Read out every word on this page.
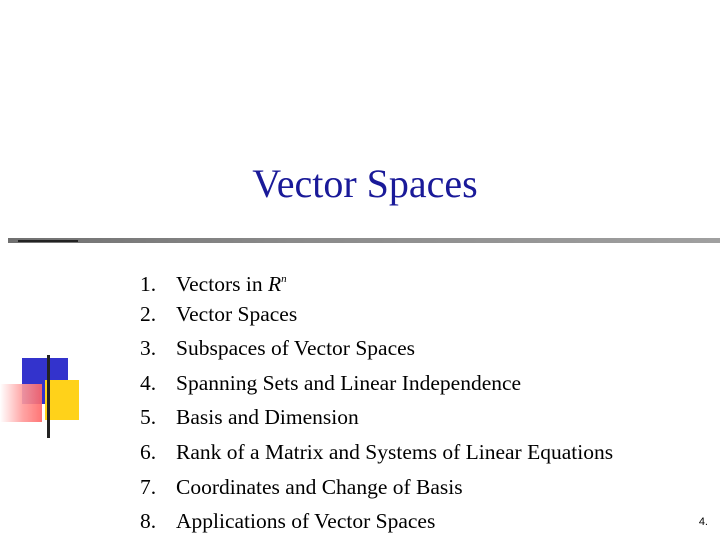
Vector Spaces
1. Vectors in $R^n$
2. Vector Spaces
3. Subspaces of Vector Spaces
4. Spanning Sets and Linear Independence
5. Basis and Dimension
6. Rank of a Matrix and Systems of Linear Equations
7. Coordinates and Change of Basis
8. Applications of Vector Spaces	4.
